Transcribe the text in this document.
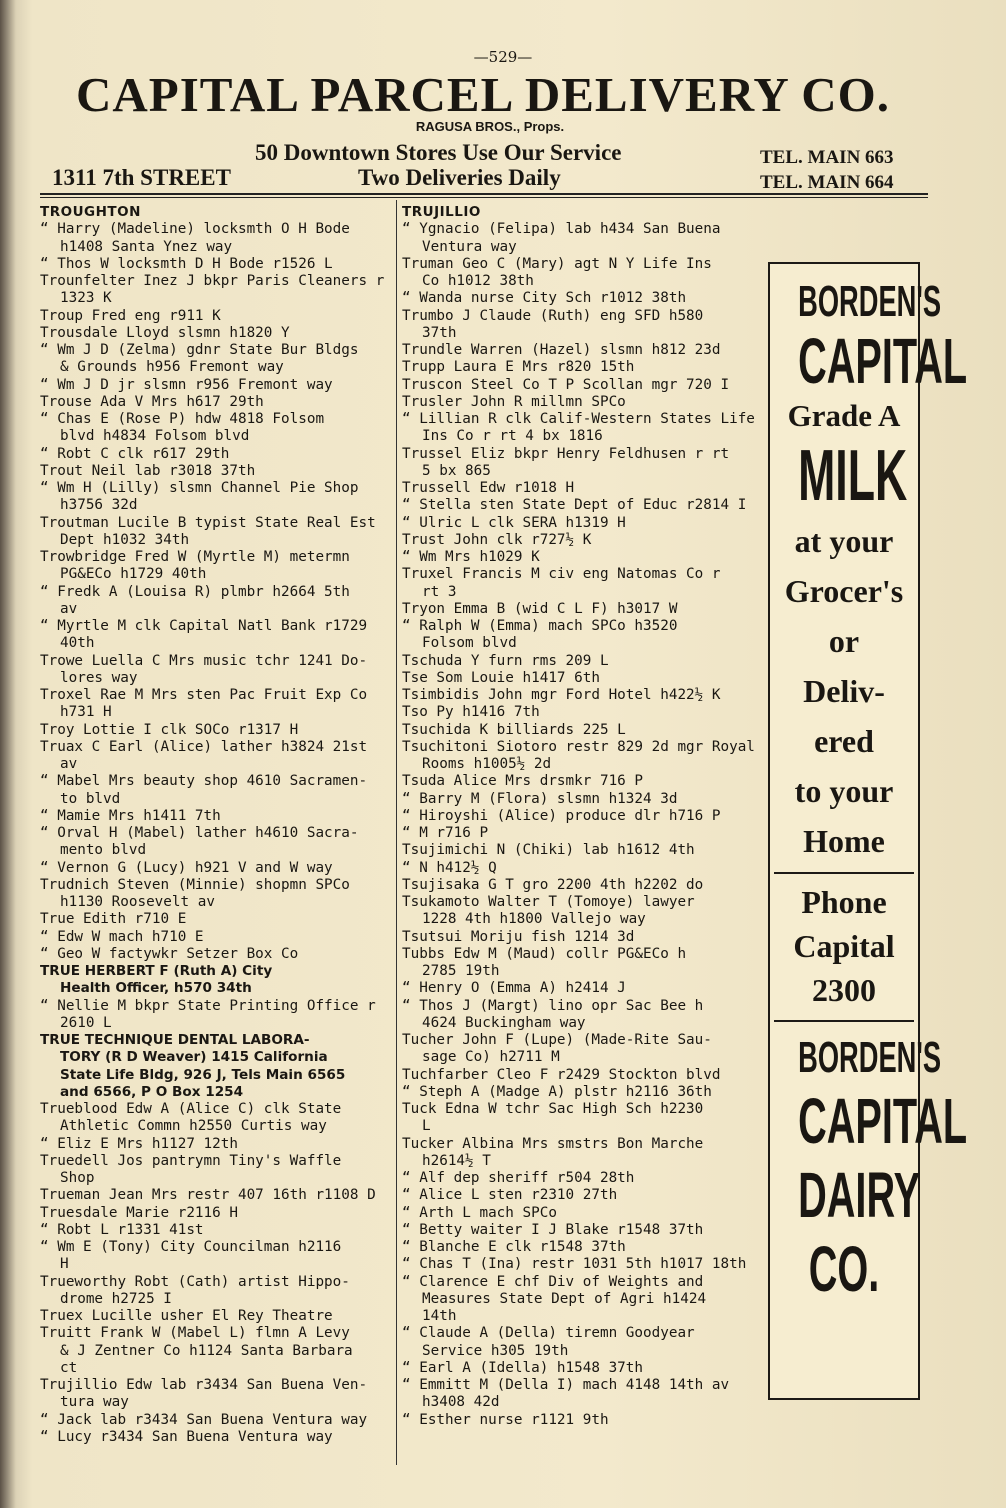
—529—
CAPITAL PARCEL DELIVERY CO.
RAGUSA BROS., Props.
50 Downtown Stores Use Our Service	TEL. MAIN 663
1311 7th STREET	Two Deliveries Daily	TEL. MAIN 664
TROUGHTON
“ Harry (Madeline) locksmth O H Bode
h1408 Santa Ynez way
“ Thos W locksmth D H Bode r1526 L
Trounfelter Inez J bkpr Paris Cleaners r
1323 K
Troup Fred eng r911 K
Trousdale Lloyd slsmn h1820 Y
“ Wm J D (Zelma) gdnr State Bur Bldgs
& Grounds h956 Fremont way
“ Wm J D jr slsmn r956 Fremont way
Trouse Ada V Mrs h617 29th
“ Chas E (Rose P) hdw 4818 Folsom
blvd h4834 Folsom blvd
“ Robt C clk r617 29th
Trout Neil lab r3018 37th
“ Wm H (Lilly) slsmn Channel Pie Shop
h3756 32d
Troutman Lucile B typist State Real Est
Dept h1032 34th
Trowbridge Fred W (Myrtle M) metermn
PG&ECo h1729 40th
“ Fredk A (Louisa R) plmbr h2664 5th
av
“ Myrtle M clk Capital Natl Bank r1729
40th
Trowe Luella C Mrs music tchr 1241 Do-
lores way
Troxel Rae M Mrs sten Pac Fruit Exp Co
h731 H
Troy Lottie I clk SOCo r1317 H
Truax C Earl (Alice) lather h3824 21st
av
“ Mabel Mrs beauty shop 4610 Sacramen-
to blvd
“ Mamie Mrs h1411 7th
“ Orval H (Mabel) lather h4610 Sacra-
mento blvd
“ Vernon G (Lucy) h921 V and W way
Trudnich Steven (Minnie) shopmn SPCo
h1130 Roosevelt av
True Edith r710 E
“ Edw W mach h710 E
“ Geo W factywkr Setzer Box Co
TRUE HERBERT F (Ruth A) City
Health Officer, h570 34th
“ Nellie M bkpr State Printing Office r
2610 L
TRUE TECHNIQUE DENTAL LABORA-
TORY (R D Weaver) 1415 California
State Life Bldg, 926 J, Tels Main 6565
and 6566, P O Box 1254
Trueblood Edw A (Alice C) clk State
Athletic Commn h2550 Curtis way
“ Eliz E Mrs h1127 12th
Truedell Jos pantrymn Tiny's Waffle
Shop
Trueman Jean Mrs restr 407 16th r1108 D
Truesdale Marie r2116 H
“ Robt L r1331 41st
“ Wm E (Tony) City Councilman h2116
H
Trueworthy Robt (Cath) artist Hippo-
drome h2725 I
Truex Lucille usher El Rey Theatre
Truitt Frank W (Mabel L) flmn A Levy
& J Zentner Co h1124 Santa Barbara
ct
Trujillio Edw lab r3434 San Buena Ven-
tura way
“ Jack lab r3434 San Buena Ventura way
“ Lucy r3434 San Buena Ventura way
TRUJILLIO
“ Ygnacio (Felipa) lab h434 San Buena
Ventura way
Truman Geo C (Mary) agt N Y Life Ins
Co h1012 38th
“ Wanda nurse City Sch r1012 38th
Trumbo J Claude (Ruth) eng SFD h580
37th
Trundle Warren (Hazel) slsmn h812 23d
Trupp Laura E Mrs r820 15th
Truscon Steel Co T P Scollan mgr 720 I
Trusler John R millmn SPCo
“ Lillian R clk Calif-Western States Life
Ins Co r rt 4 bx 1816
Trussel Eliz bkpr Henry Feldhusen r rt
5 bx 865
Trussell Edw r1018 H
“ Stella sten State Dept of Educ r2814 I
“ Ulric L clk SERA h1319 H
Trust John clk r727½ K
“ Wm Mrs h1029 K
Truxel Francis M civ eng Natomas Co r
rt 3
Tryon Emma B (wid C L F) h3017 W
“ Ralph W (Emma) mach SPCo h3520
Folsom blvd
Tschuda Y furn rms 209 L
Tse Som Louie h1417 6th
Tsimbidis John mgr Ford Hotel h422½ K
Tso Py h1416 7th
Tsuchida K billiards 225 L
Tsuchitoni Siotoro restr 829 2d mgr Royal
Rooms h1005½ 2d
Tsuda Alice Mrs drsmkr 716 P
“ Barry M (Flora) slsmn h1324 3d
“ Hiroyshi (Alice) produce dlr h716 P
“ M r716 P
Tsujimichi N (Chiki) lab h1612 4th
“ N h412½ Q
Tsujisaka G T gro 2200 4th h2202 do
Tsukamoto Walter T (Tomoye) lawyer
1228 4th h1800 Vallejo way
Tsutsui Moriju fish 1214 3d
Tubbs Edw M (Maud) collr PG&ECo h
2785 19th
“ Henry O (Emma A) h2414 J
“ Thos J (Margt) lino opr Sac Bee h
4624 Buckingham way
Tucher John F (Lupe) (Made-Rite Sau-
sage Co) h2711 M
Tuchfarber Cleo F r2429 Stockton blvd
“ Steph A (Madge A) plstr h2116 36th
Tuck Edna W tchr Sac High Sch h2230
L
Tucker Albina Mrs smstrs Bon Marche
h2614½ T
“ Alf dep sheriff r504 28th
“ Alice L sten r2310 27th
“ Arth L mach SPCo
“ Betty waiter I J Blake r1548 37th
“ Blanche E clk r1548 37th
“ Chas T (Ina) restr 1031 5th h1017 18th
“ Clarence E chf Div of Weights and
Measures State Dept of Agri h1424
14th
“ Claude A (Della) tiremn Goodyear
Service h305 19th
“ Earl A (Idella) h1548 37th
“ Emmitt M (Della I) mach 4148 14th av
h3408 42d
“ Esther nurse r1121 9th
BORDEN'S
CAPITAL
Grade A
MILK
at your
Grocer's
or
Deliv-
ered
to your
Home
Phone
Capital
2300
BORDEN'S
CAPITAL
DAIRY
CO.
